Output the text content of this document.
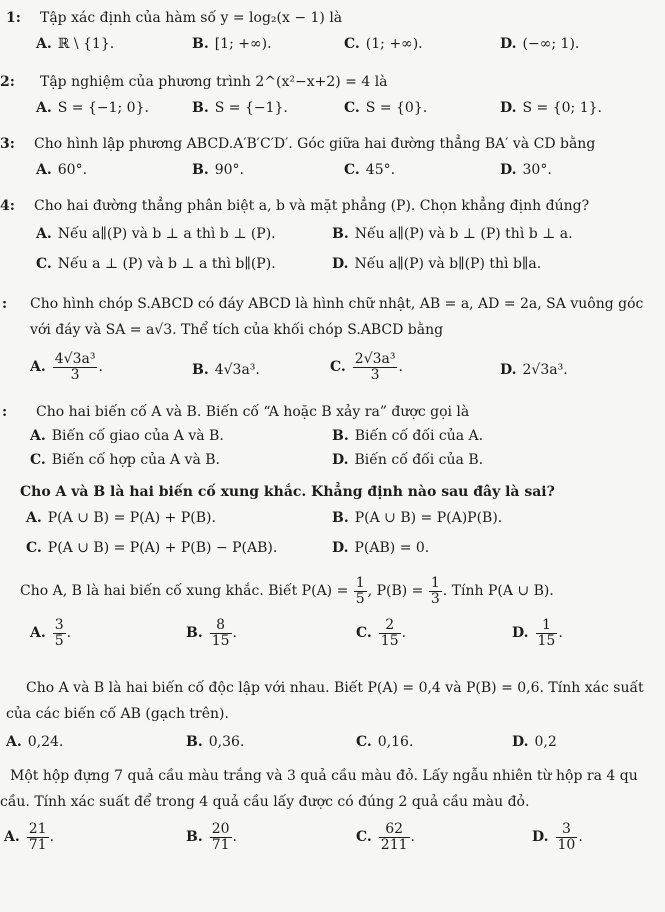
1: Tập xác định của hàm số y = log₂(x − 1) là
A. ℝ \ {1}.	B. [1; +∞).	C. (1; +∞).	D. (−∞; 1).
2: Tập nghiệm của phương trình 2^(x²−x+2) = 4 là
A. S = {−1; 0}.	B. S = {−1}.	C. S = {0}.	D. S = {0; 1}.
3: Cho hình lập phương ABCD.A′B′C′D′. Góc giữa hai đường thẳng BA′ và CD bằng
A. 60°.	B. 90°.	C. 45°.	D. 30°.
4: Cho hai đường thẳng phân biệt a, b và mặt phẳng (P). Chọn khẳng định đúng?
A. Nếu a∥(P) và b ⊥ a thì b ⊥ (P).	B. Nếu a∥(P) và b ⊥ (P) thì b ⊥ a.
C. Nếu a ⊥ (P) và b ⊥ a thì b∥(P).	D. Nếu a∥(P) và b∥(P) thì b∥a.
: Cho hình chóp S.ABCD có đáy ABCD là hình chữ nhật, AB = a, AD = 2a, SA vuông góc
với đáy và SA = a√3. Thể tích của khối chóp S.ABCD bằng
A. $\frac{\text{4√3a³}}{3}$ .	B. 4√3a³.	C. $\frac{\text{2√3a³}}{3}$ .	D. 2√3a³.
: Cho hai biến cố A và B. Biến cố “A hoặc B xảy ra” được gọi là
A. Biến cố giao của A và B.	B. Biến cố đối của A.
C. Biến cố hợp của A và B.	D. Biến cố đối của B.
Cho A và B là hai biến cố xung khắc. Khẳng định nào sau đây là sai?
A. P(A ∪ B) = P(A) + P(B).	B. P(A ∪ B) = P(A)P(B).
C. P(A ∪ B) = P(A) + P(B) − P(AB).	D. P(AB) = 0.
Cho A, B là hai biến cố xung khắc. Biết $P(A) = \frac{1}{5}$ , $P(B) = \frac{1}{3}$ . Tính P(A ∪ B).
A. $\frac{3}{5}$ .	B. $\frac{8}{15}$ .	C. $\frac{2}{15}$ .	D. $\frac{1}{15}$ .
Cho A và B là hai biến cố độc lập với nhau. Biết P(A) = 0,4 và P(B) = 0,6. Tính xác suất
của các biến cố AB (gạch trên).
A. 0,24.	B. 0,36.	C. 0,16.	D. 0,2
Một hộp đựng 7 quả cầu màu trắng và 3 quả cầu màu đỏ. Lấy ngẫu nhiên từ hộp ra 4 qu
cầu. Tính xác suất để trong 4 quả cầu lấy được có đúng 2 quả cầu màu đỏ.
A. $\frac{21}{71}$ .	B. $\frac{20}{71}$ .	C. $\frac{62}{211}$ .	D. $\frac{3}{10}$ .
